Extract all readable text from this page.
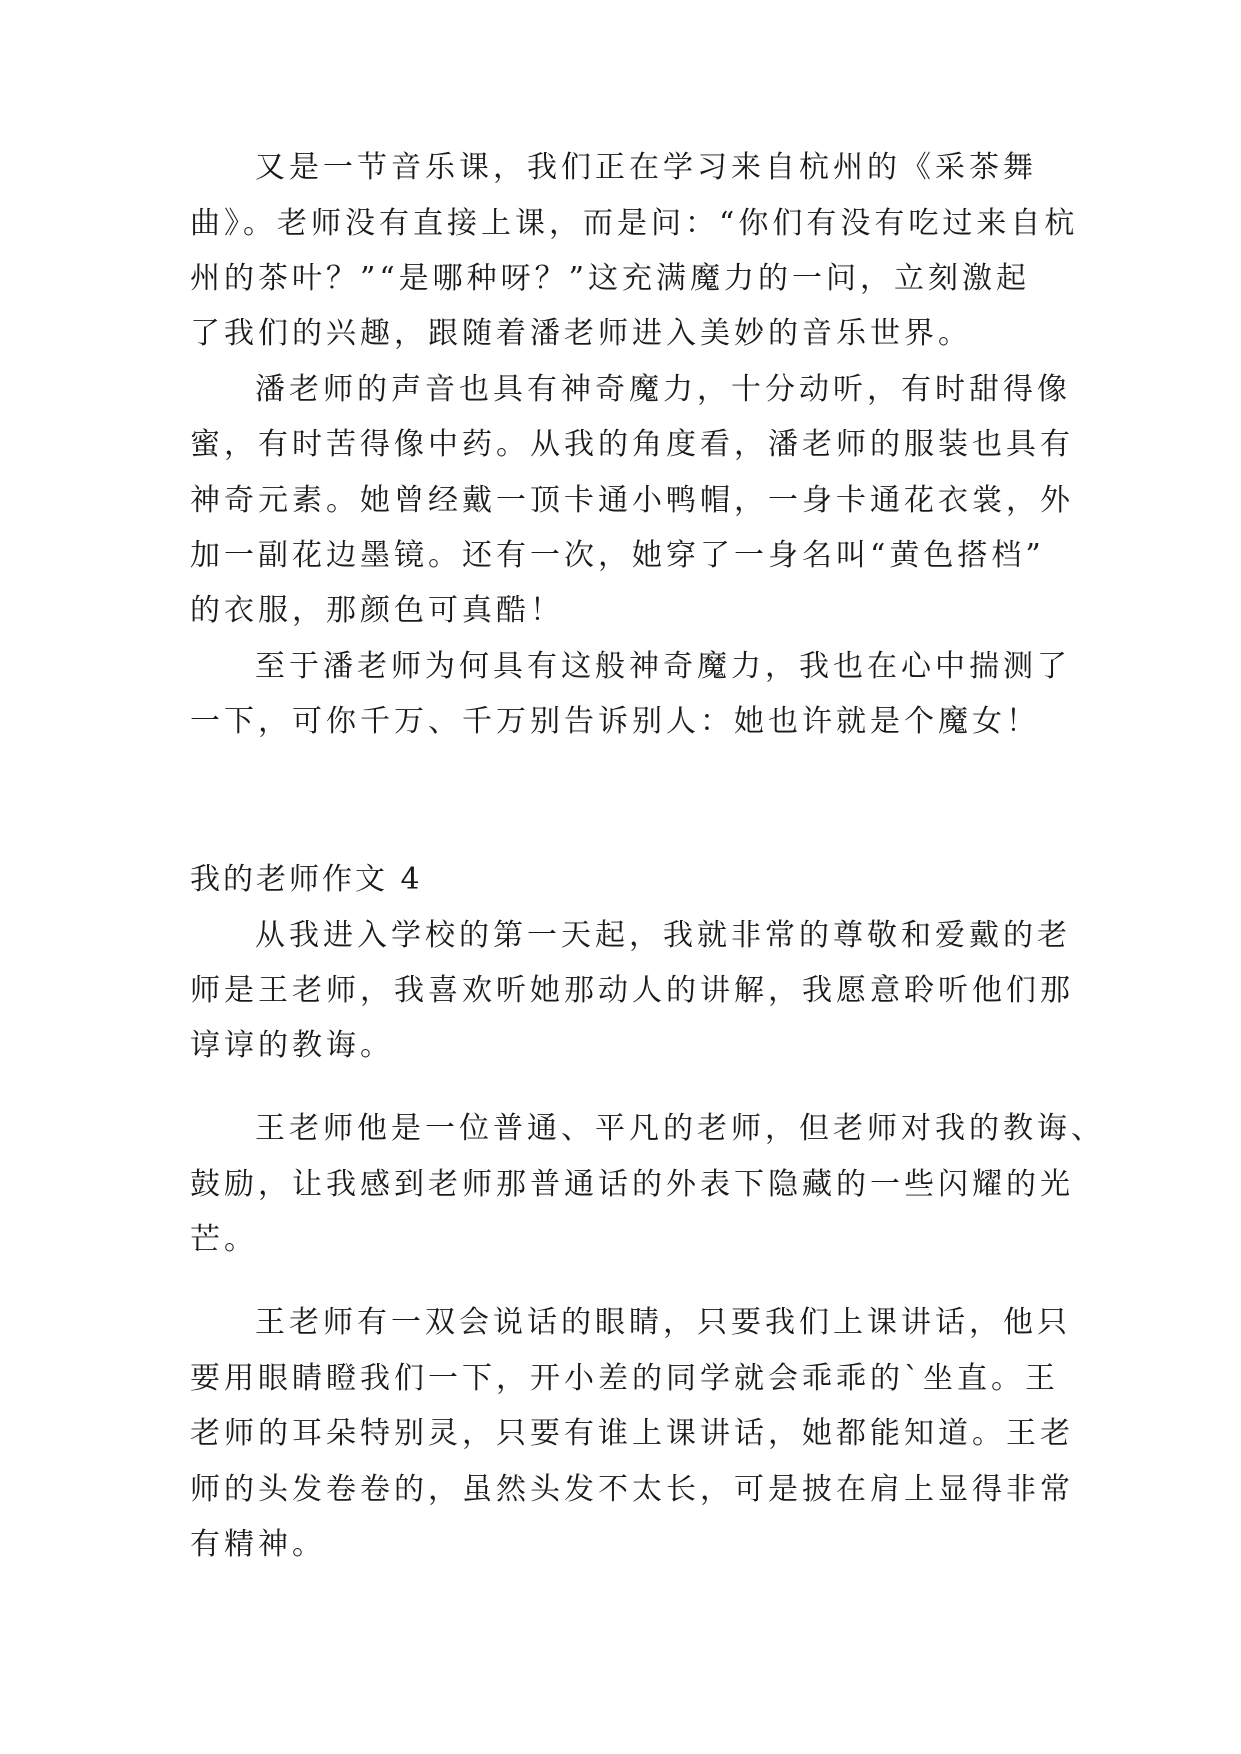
又是一节音乐课，我们正在学习来自杭州的《采茶舞
曲》。老师没有直接上课，而是问：“你们有没有吃过来自杭
州的茶叶？”“是哪种呀？”这充满魔力的一问，立刻激起
了我们的兴趣，跟随着潘老师进入美妙的音乐世界。
潘老师的声音也具有神奇魔力，十分动听，有时甜得像
蜜，有时苦得像中药。从我的角度看，潘老师的服装也具有
神奇元素。她曾经戴一顶卡通小鸭帽，一身卡通花衣裳，外
加一副花边墨镜。还有一次，她穿了一身名叫“黄色搭档”
的衣服，那颜色可真酷！
至于潘老师为何具有这般神奇魔力，我也在心中揣测了
一下，可你千万、千万别告诉别人：她也许就是个魔女！
我的老师作文 4
从我进入学校的第一天起，我就非常的尊敬和爱戴的老
师是王老师，我喜欢听她那动人的讲解，我愿意聆听他们那
谆谆的教诲。
王老师他是一位普通、平凡的老师，但老师对我的教诲、
鼓励，让我感到老师那普通话的外表下隐藏的一些闪耀的光
芒。
王老师有一双会说话的眼睛，只要我们上课讲话，他只
要用眼睛瞪我们一下，开小差的同学就会乖乖的`坐直。王
老师的耳朵特别灵，只要有谁上课讲话，她都能知道。王老
师的头发卷卷的，虽然头发不太长，可是披在肩上显得非常
有精神。
